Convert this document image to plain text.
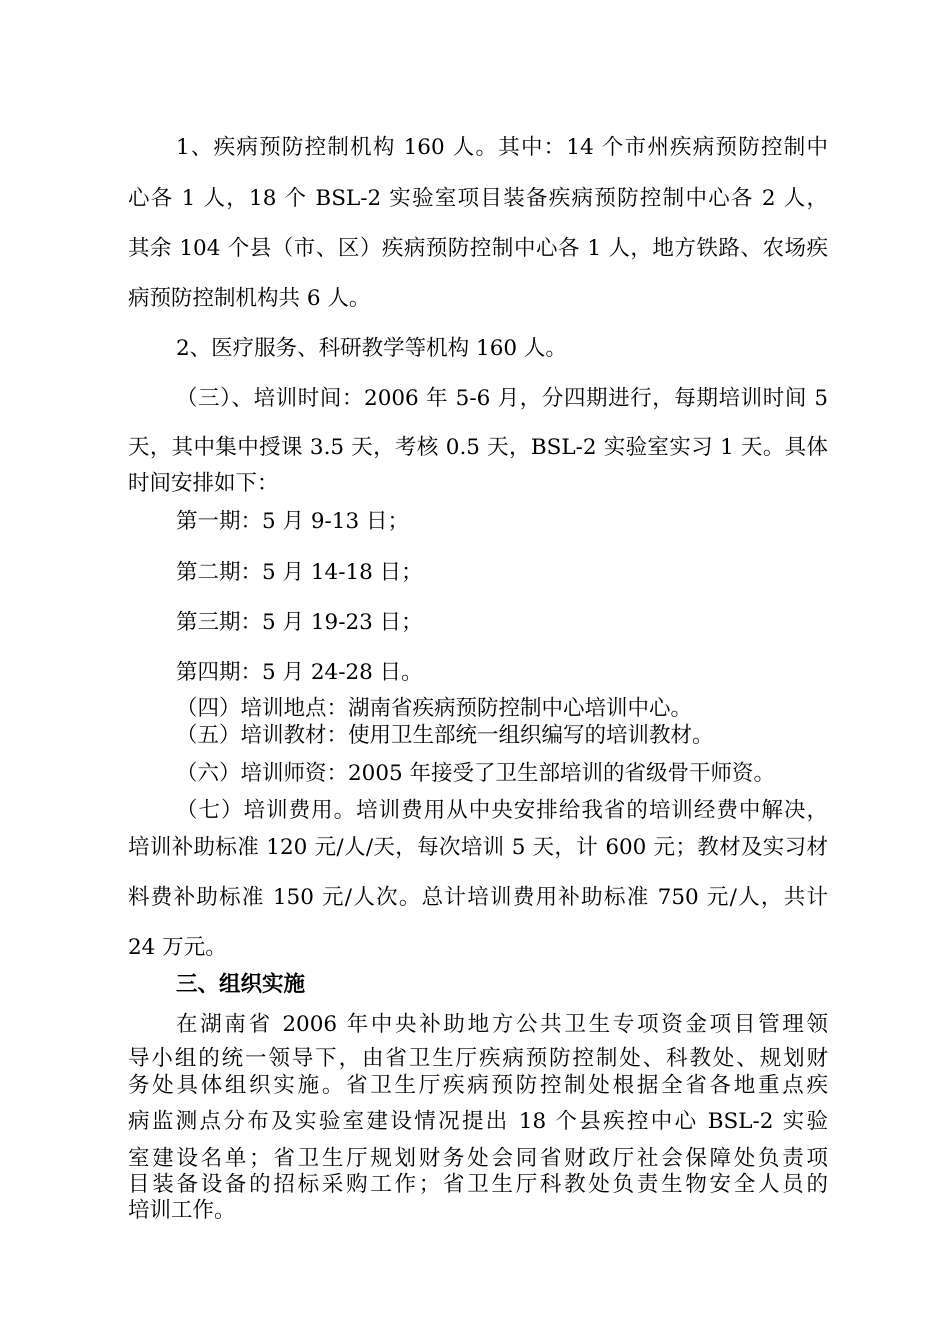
1、疾病预防控制机构 160 人。其中：14 个市州疾病预防控制中
心各 1 人，18 个 BSL-2 实验室项目装备疾病预防控制中心各 2 人，
其余 104 个县（市、区）疾病预防控制中心各 1 人，地方铁路、农场疾
病预防控制机构共 6 人。
2、医疗服务、科研教学等机构 160 人。
（三）、培训时间：2006 年 5-6 月，分四期进行，每期培训时间 5
天，其中集中授课 3.5 天，考核 0.5 天，BSL-2 实验室实习 1 天。具体
时间安排如下：
第一期：5 月 9-13 日；
第二期：5 月 14-18 日；
第三期：5 月 19-23 日；
第四期：5 月 24-28 日。
（四）培训地点：湖南省疾病预防控制中心培训中心。
（五）培训教材：使用卫生部统一组织编写的培训教材。
（六）培训师资：2005 年接受了卫生部培训的省级骨干师资。
（七）培训费用。培训费用从中央安排给我省的培训经费中解决，
培训补助标准 120 元/人/天，每次培训 5 天，计 600 元；教材及实习材
料费补助标准 150 元/人次。总计培训费用补助标准 750 元/人，共计
24 万元。
三、组织实施
在湖南省 2006 年中央补助地方公共卫生专项资金项目管理领
导小组的统一领导下，由省卫生厅疾病预防控制处、科教处、规划财
务处具体组织实施。省卫生厅疾病预防控制处根据全省各地重点疾
病监测点分布及实验室建设情况提出 18 个县疾控中心 BSL-2 实验
室建设名单；省卫生厅规划财务处会同省财政厅社会保障处负责项
目装备设备的招标采购工作；省卫生厅科教处负责生物安全人员的
培训工作。
